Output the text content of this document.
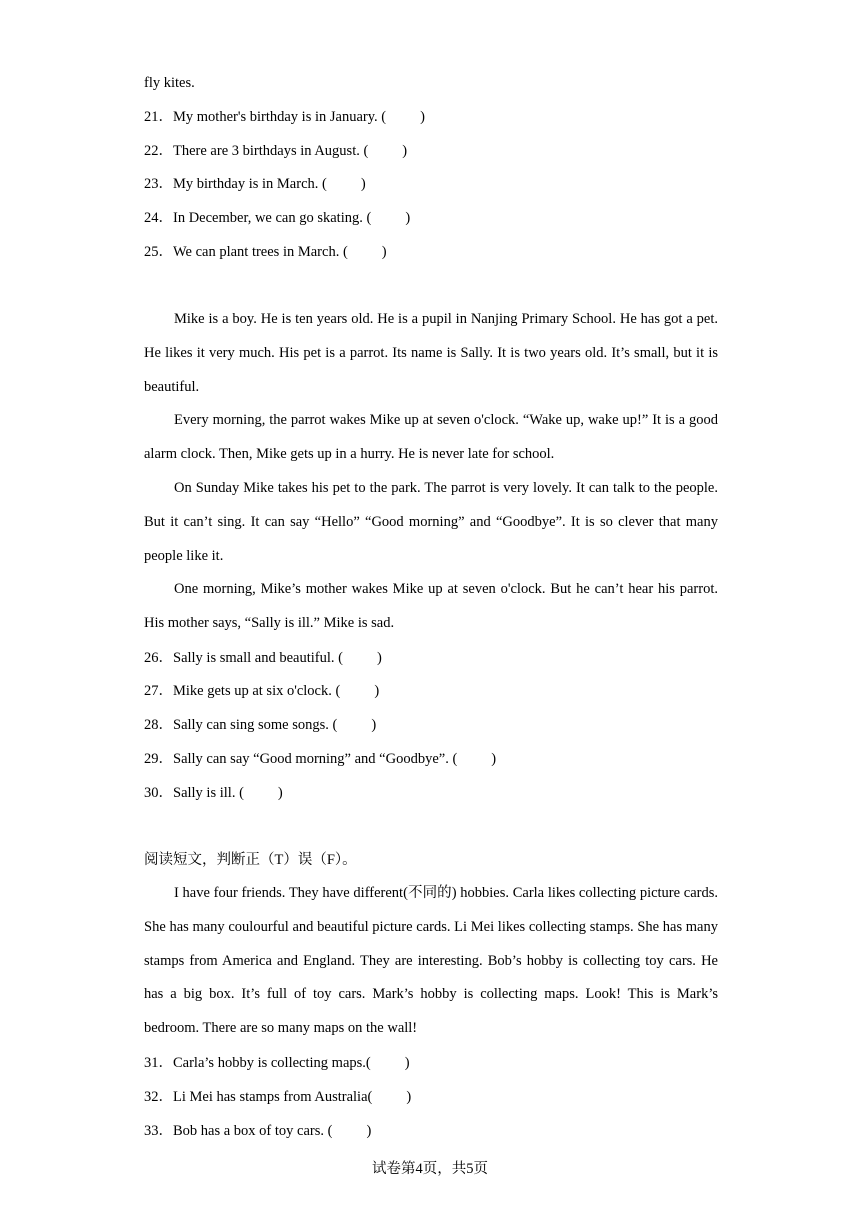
fly kites.
21．My mother's birthday is in January. ( )
22．There are 3 birthdays in August. ( )
23．My birthday is in March. ( )
24．In December, we can go skating. ( )
25．We can plant trees in March. ( )
Mike is a boy. He is ten years old. He is a pupil in Nanjing Primary School. He has got a pet. He likes it very much. His pet is a parrot. Its name is Sally. It is two years old. It’s small, but it is beautiful.
Every morning, the parrot wakes Mike up at seven o'clock. “Wake up, wake up!” It is a good alarm clock. Then, Mike gets up in a hurry. He is never late for school.
On Sunday Mike takes his pet to the park. The parrot is very lovely. It can talk to the people. But it can’t sing. It can say “Hello” “Good morning” and “Goodbye”. It is so clever that many people like it.
One morning, Mike’s mother wakes Mike up at seven o'clock. But he can’t hear his parrot. His mother says, “Sally is ill.” Mike is sad.
26．Sally is small and beautiful. ( )
27．Mike gets up at six o'clock. ( )
28．Sally can sing some songs. ( )
29．Sally can say “Good morning” and “Goodbye”. ( )
30．Sally is ill. ( )
阅读短文，判断正（T）误（F）。
I have four friends. They have different(不同的) hobbies. Carla likes collecting picture cards. She has many coulourful and beautiful picture cards. Li Mei likes collecting stamps. She has many stamps from America and England. They are interesting. Bob’s hobby is collecting toy cars. He has a big box. It’s full of toy cars. Mark’s hobby is collecting maps. Look! This is Mark’s bedroom. There are so many maps on the wall!
31．Carla’s hobby is collecting maps.( )
32．Li Mei has stamps from Australia( )
33．Bob has a box of toy cars. ( )
试卷第4页，共5页
